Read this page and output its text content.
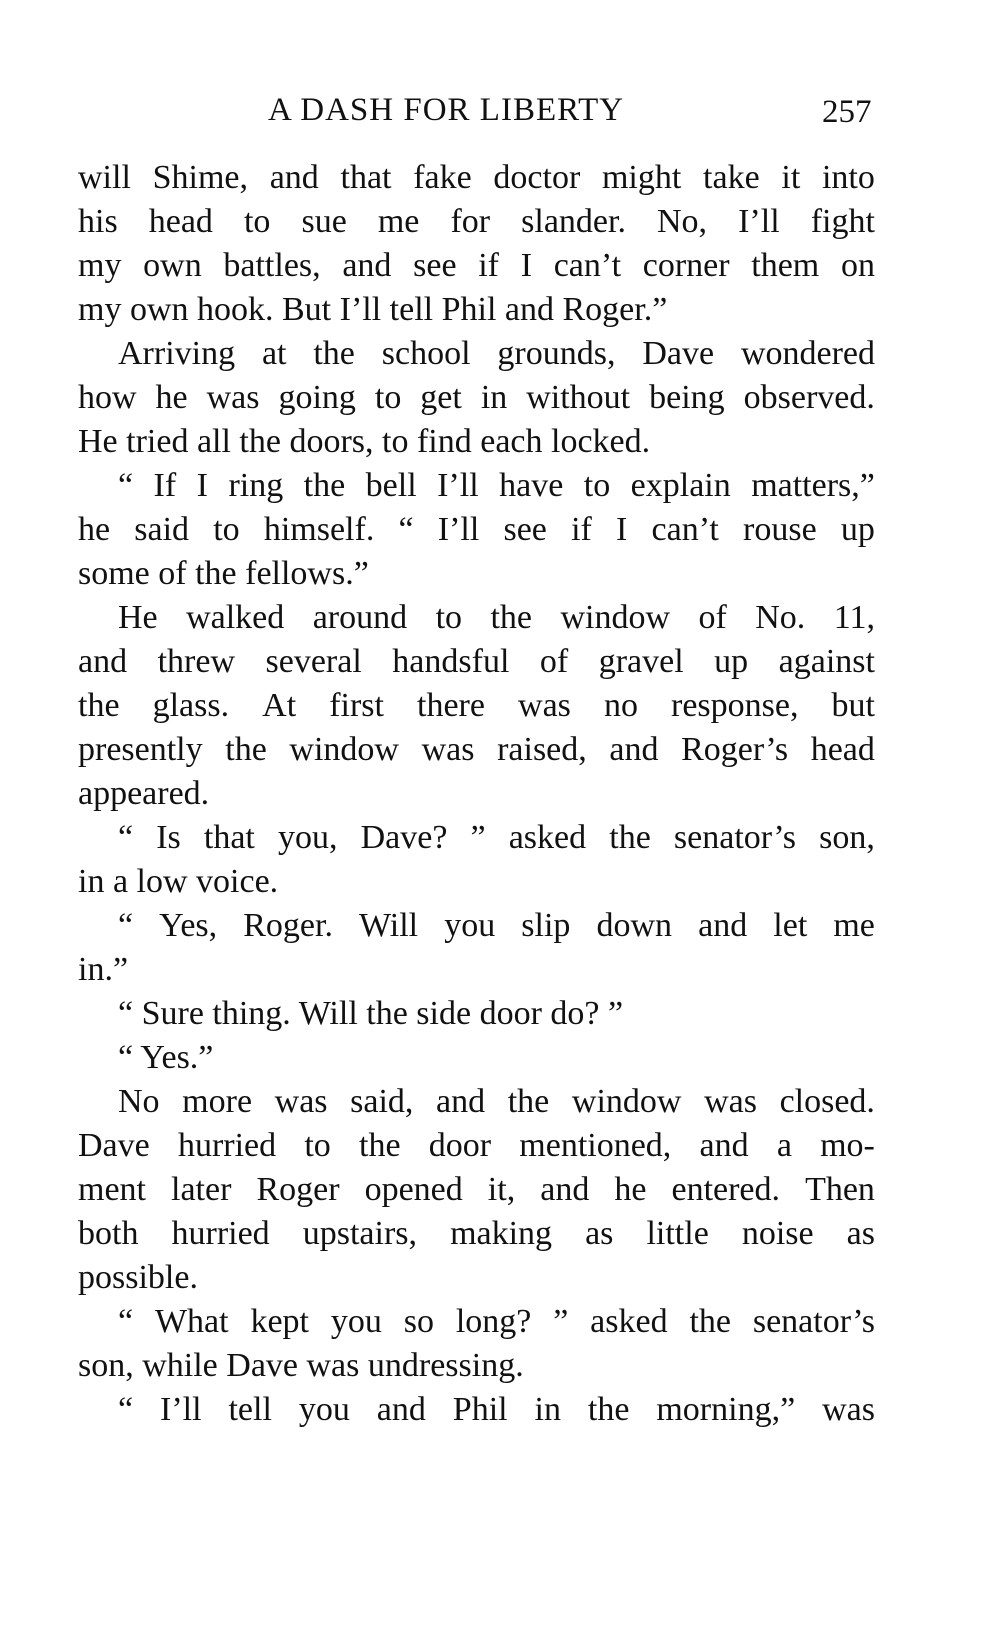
A DASH FOR LIBERTY	257
will Shime, and that fake doctor might take it into
his head to sue me for slander. No, I’ll fight
my own battles, and see if I can’t corner them on
my own hook. But I’ll tell Phil and Roger.”
Arriving at the school grounds, Dave wondered
how he was going to get in without being observed.
He tried all the doors, to find each locked.
“ If I ring the bell I’ll have to explain matters,”
he said to himself. “ I’ll see if I can’t rouse up
some of the fellows.”
He walked around to the window of No. 11,
and threw several handsful of gravel up against
the glass. At first there was no response, but
presently the window was raised, and Roger’s head
appeared.
“ Is that you, Dave? ” asked the senator’s son,
in a low voice.
“ Yes, Roger. Will you slip down and let me
in.”
“ Sure thing. Will the side door do? ”
“ Yes.”
No more was said, and the window was closed.
Dave hurried to the door mentioned, and a mo-
ment later Roger opened it, and he entered. Then
both hurried upstairs, making as little noise as
possible.
“ What kept you so long? ” asked the senator’s
son, while Dave was undressing.
“ I’ll tell you and Phil in the morning,” was
